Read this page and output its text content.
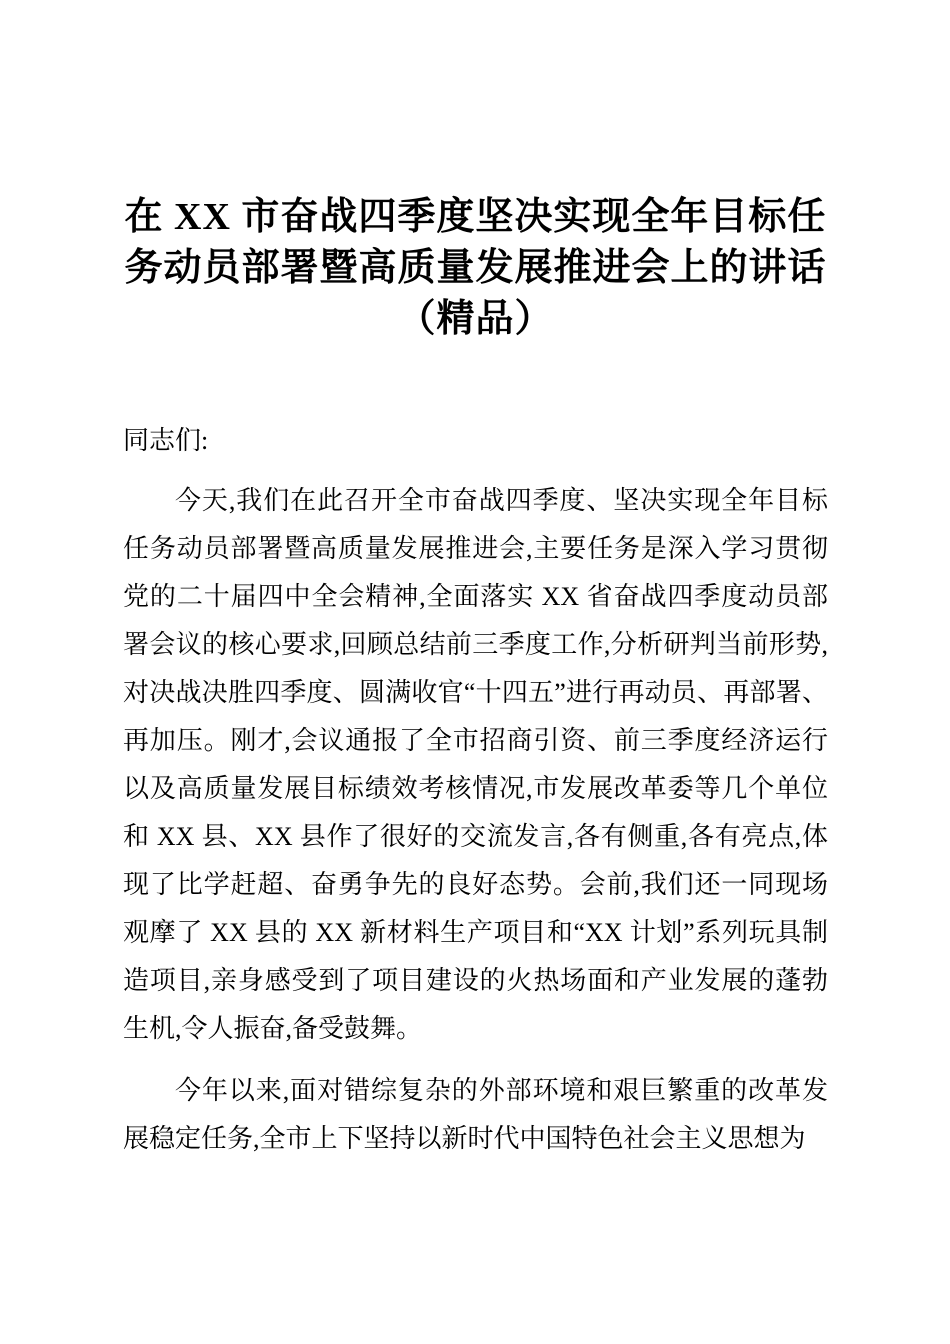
在 XX 市奋战四季度坚决实现全年目标任务动员部署暨高质量发展推进会上的讲话（精品）

同志们:

今天,我们在此召开全市奋战四季度、坚决实现全年目标任务动员部署暨高质量发展推进会,主要任务是深入学习贯彻党的二十届四中全会精神,全面落实 XX 省奋战四季度动员部署会议的核心要求,回顾总结前三季度工作,分析研判当前形势,对决战决胜四季度、圆满收官“十四五”进行再动员、再部署、再加压。刚才,会议通报了全市招商引资、前三季度经济运行以及高质量发展目标绩效考核情况,市发展改革委等几个单位和 XX 县、XX 县作了很好的交流发言,各有侧重,各有亮点,体现了比学赶超、奋勇争先的良好态势。会前,我们还一同现场观摩了 XX 县的 XX 新材料生产项目和“XX 计划”系列玩具制造项目,亲身感受到了项目建设的火热场面和产业发展的蓬勃生机,令人振奋,备受鼓舞。

今年以来,面对错综复杂的外部环境和艰巨繁重的改革发展稳定任务,全市上下坚持以新时代中国特色社会主义思想为
